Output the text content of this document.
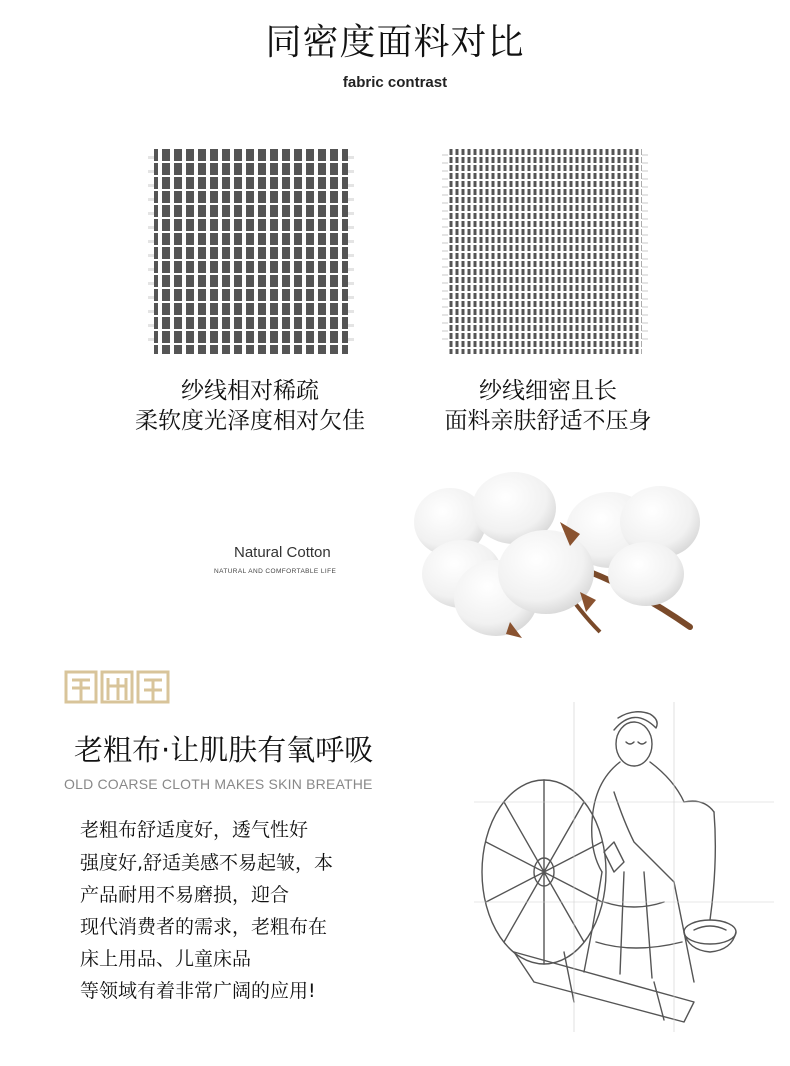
同密度面料对比
fabric contrast
纱线相对稀疏
柔软度光泽度相对欠佳
纱线细密且长
面料亲肤舒适不压身
Natural Cotton
NATURAL AND COMFORTABLE LIFE
老粗布·让肌肤有氧呼吸
OLD COARSE CLOTH MAKES SKIN BREATHE
老粗布舒适度好，透气性好
强度好,舒适美感不易起皱，本
产品耐用不易磨损，迎合
现代消费者的需求，老粗布在
床上用品、儿童床品
等领域有着非常广阔的应用!
